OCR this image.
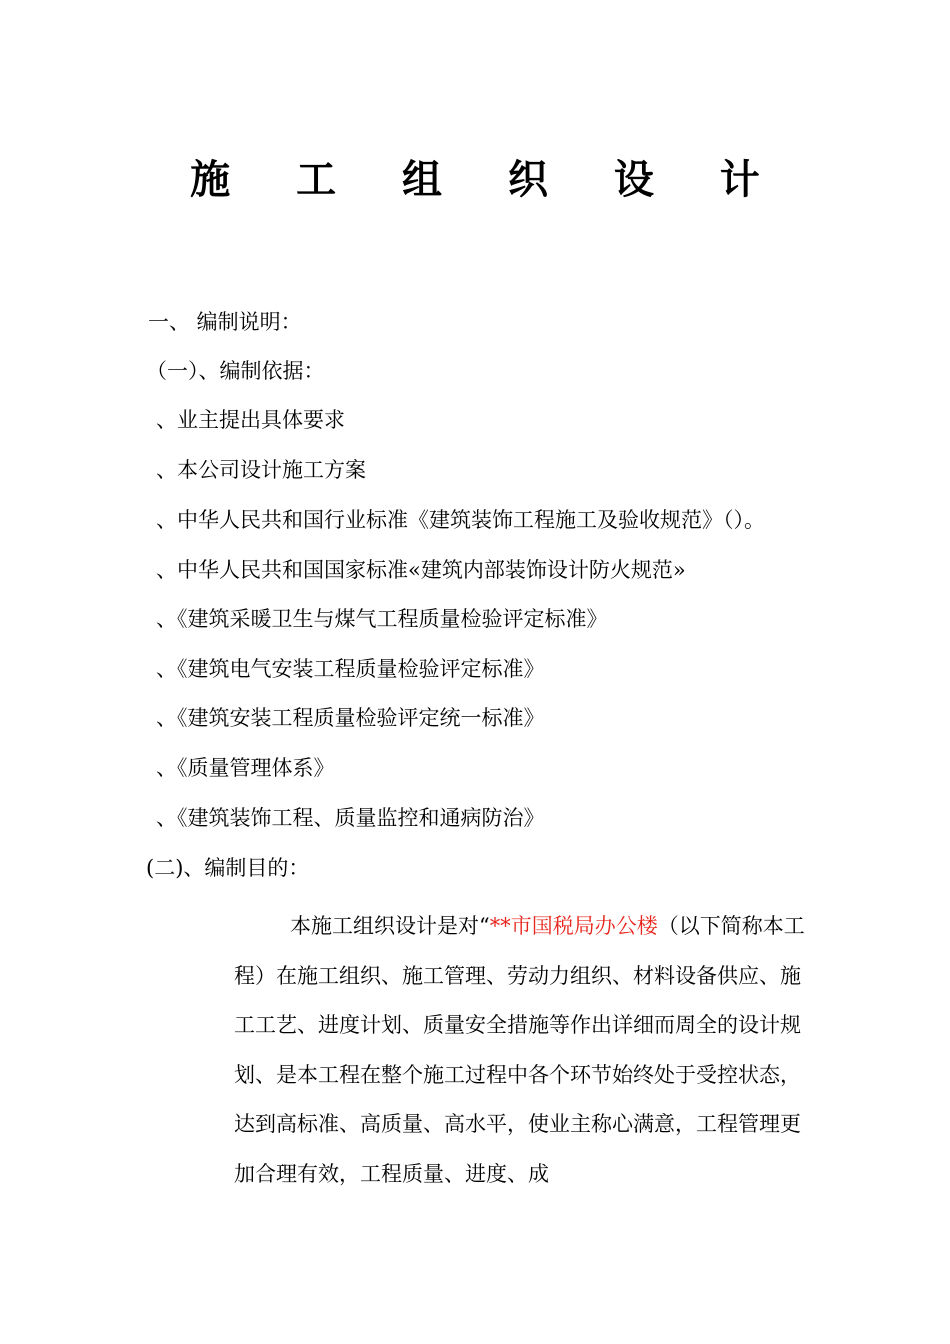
施 工 组 织 设 计
一、 编制说明：
（一）、编制依据：
、业主提出具体要求
、本公司设计施工方案
、中华人民共和国行业标准《建筑装饰工程施工及验收规范》（）。
、中华人民共和国国家标准«建筑内部装饰设计防火规范»
、《建筑采暖卫生与煤气工程质量检验评定标准》
、《建筑电气安装工程质量检验评定标准》
、《建筑安装工程质量检验评定统一标准》
、《质量管理体系》
、《建筑装饰工程、质量监控和通病防治》
(二)、编制目的：
本施工组织设计是对“**市国税局办公楼（以下简称本工程）在施工组织、施工管理、劳动力组织、材料设备供应、施工工艺、进度计划、质量安全措施等作出详细而周全的设计规划、是本工程在整个施工过程中各个环节始终处于受控状态，达到高标准、高质量、高水平，使业主称心满意，工程管理更加合理有效，工程质量、进度、成
